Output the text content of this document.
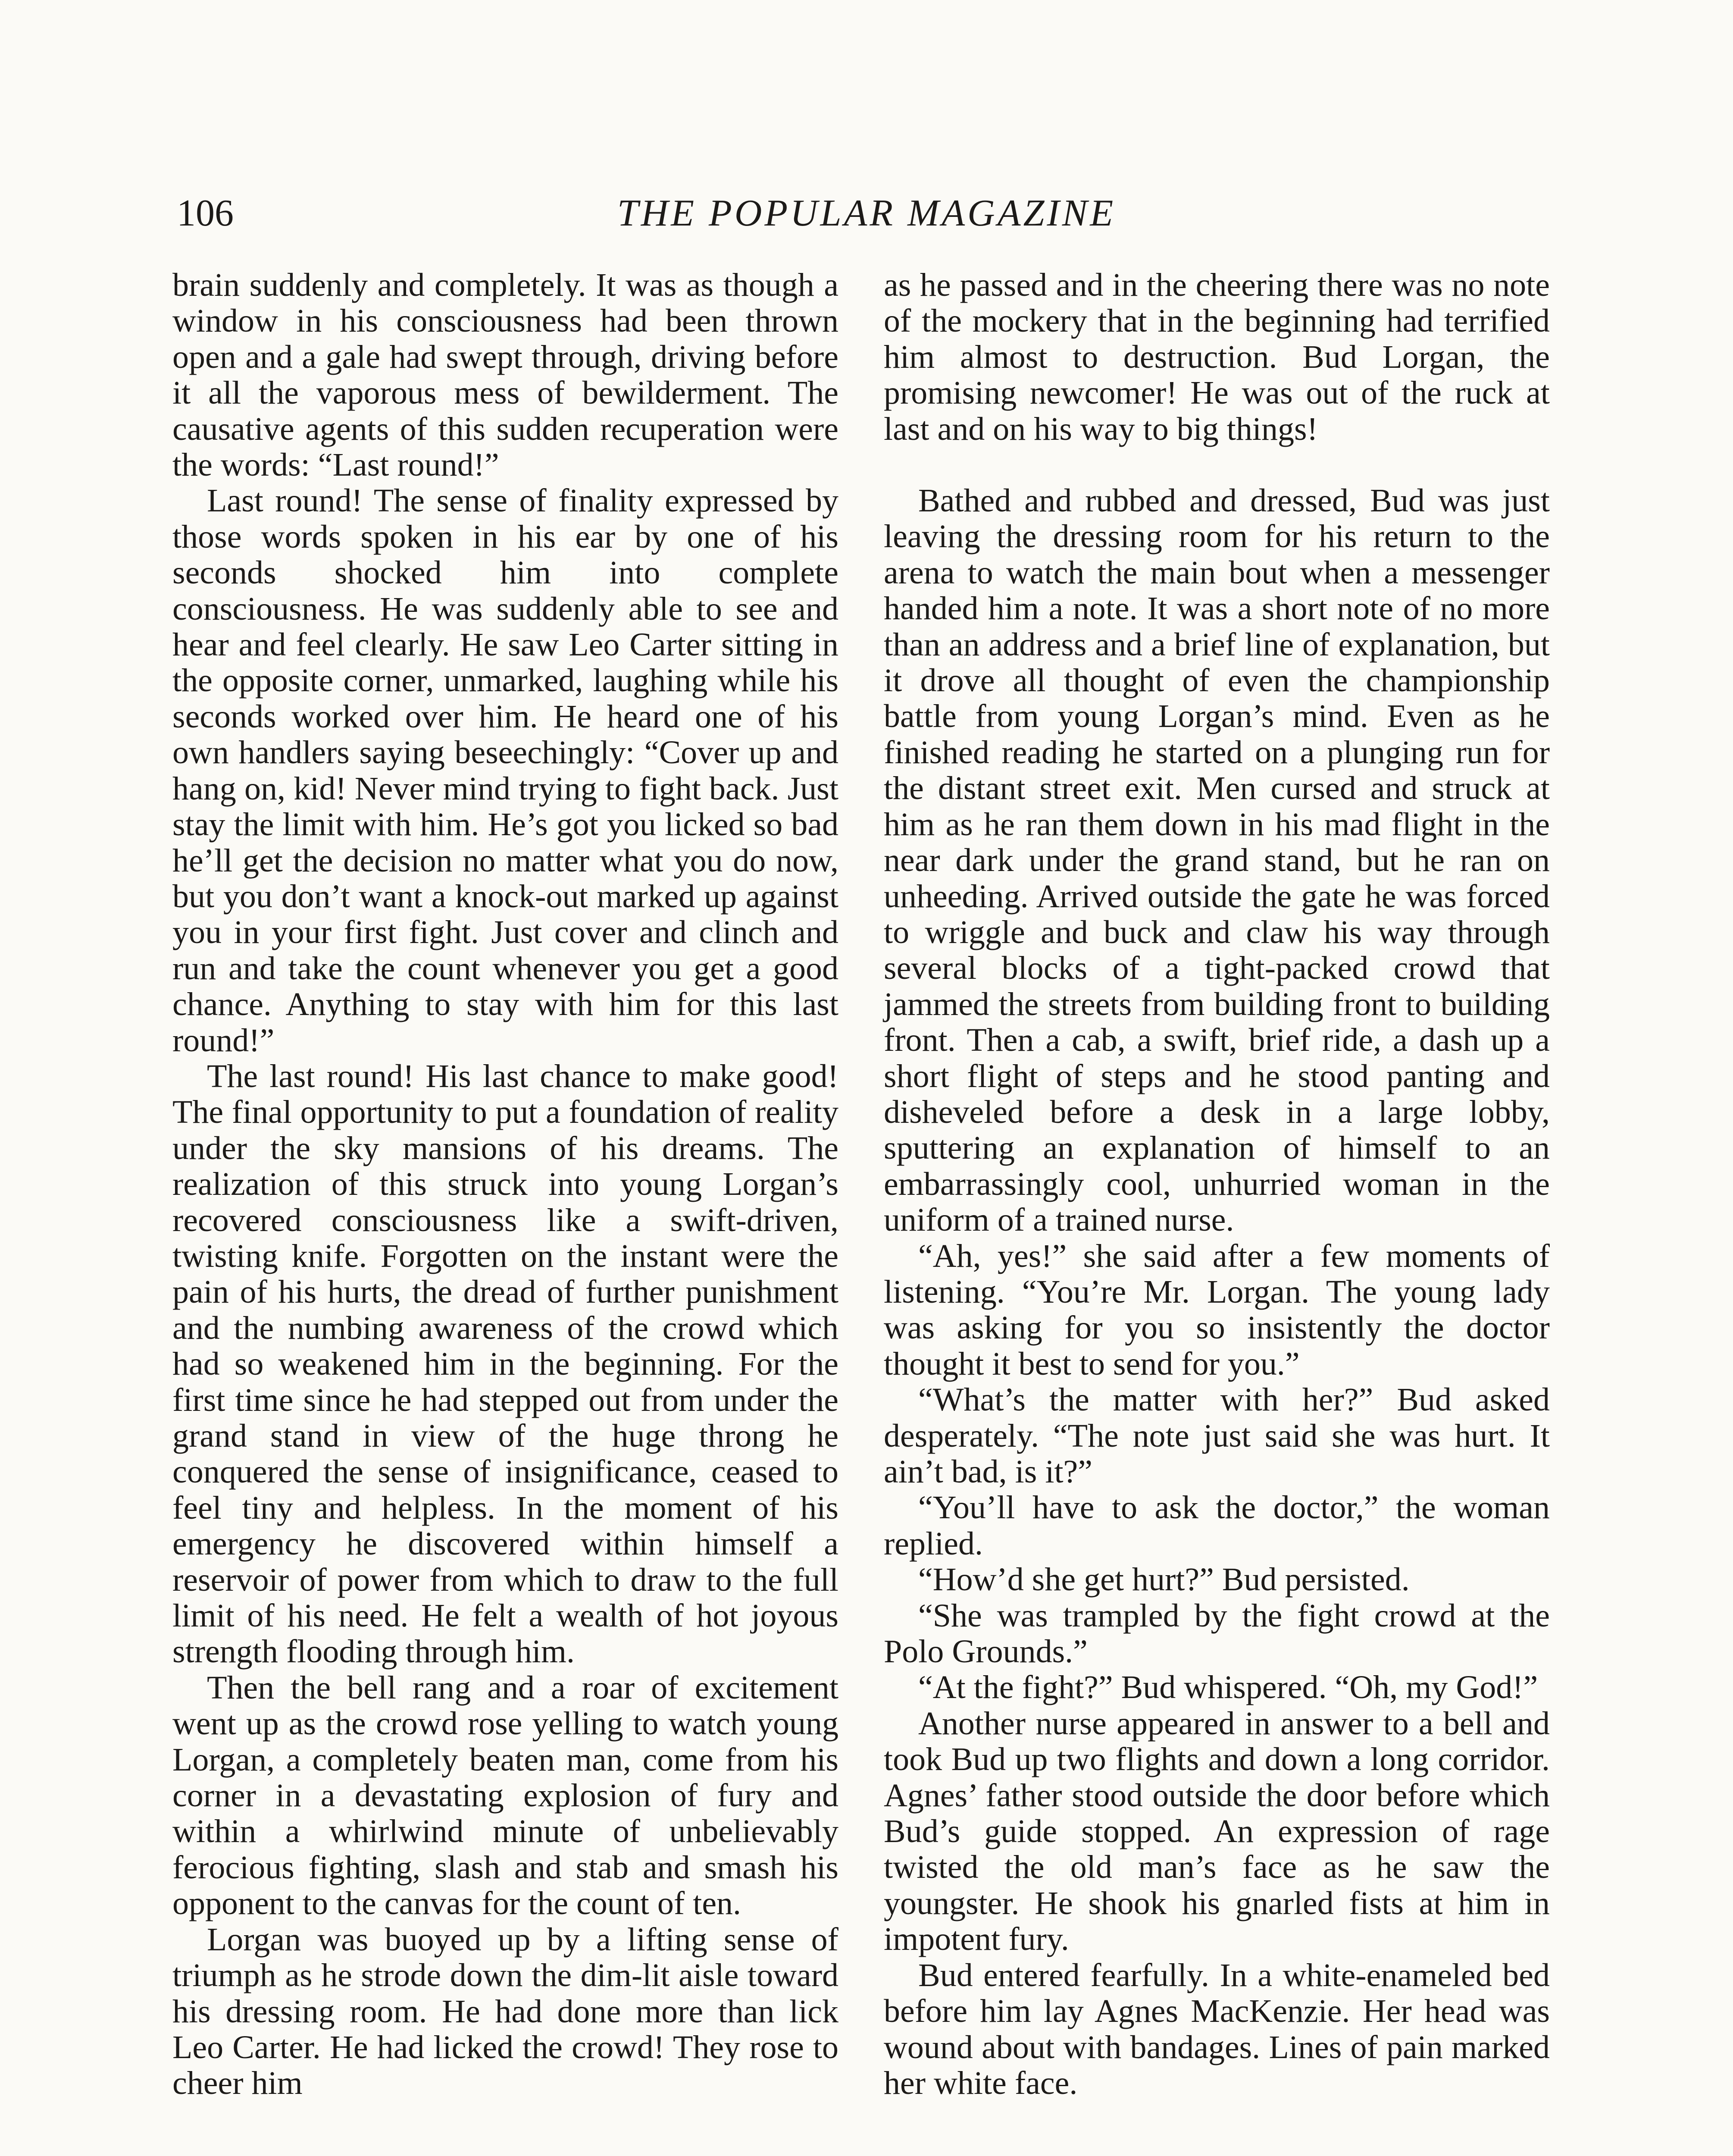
106	THE POPULAR MAGAZINE

brain suddenly and completely. It was as though a window in his consciousness had been thrown open and a gale had swept through, driving before it all the vaporous mess of bewilderment. The causative agents of this sudden recuperation were the words: “Last round!”

Last round! The sense of finality expressed by those words spoken in his ear by one of his seconds shocked him into complete consciousness. He was suddenly able to see and hear and feel clearly. He saw Leo Carter sitting in the opposite corner, unmarked, laughing while his seconds worked over him. He heard one of his own handlers saying beseechingly: “Cover up and hang on, kid! Never mind trying to fight back. Just stay the limit with him. He’s got you licked so bad he’ll get the decision no matter what you do now, but you don’t want a knock-out marked up against you in your first fight. Just cover and clinch and run and take the count whenever you get a good chance. Anything to stay with him for this last round!”

The last round! His last chance to make good! The final opportunity to put a foundation of reality under the sky mansions of his dreams. The realization of this struck into young Lorgan’s recovered consciousness like a swift-driven, twisting knife. Forgotten on the instant were the pain of his hurts, the dread of further punishment and the numbing awareness of the crowd which had so weakened him in the beginning. For the first time since he had stepped out from under the grand stand in view of the huge throng he conquered the sense of insignificance, ceased to feel tiny and helpless. In the moment of his emergency he discovered within himself a reservoir of power from which to draw to the full limit of his need. He felt a wealth of hot joyous strength flooding through him.

Then the bell rang and a roar of excitement went up as the crowd rose yelling to watch young Lorgan, a completely beaten man, come from his corner in a devastating explosion of fury and within a whirlwind minute of unbelievably ferocious fighting, slash and stab and smash his opponent to the canvas for the count of ten.

Lorgan was buoyed up by a lifting sense of triumph as he strode down the dim-lit aisle toward his dressing room. He had done more than lick Leo Carter. He had licked the crowd! They rose to cheer him

as he passed and in the cheering there was no note of the mockery that in the beginning had terrified him almost to destruction. Bud Lorgan, the promising newcomer! He was out of the ruck at last and on his way to big things!

Bathed and rubbed and dressed, Bud was just leaving the dressing room for his return to the arena to watch the main bout when a messenger handed him a note. It was a short note of no more than an address and a brief line of explanation, but it drove all thought of even the championship battle from young Lorgan’s mind. Even as he finished reading he started on a plunging run for the distant street exit. Men cursed and struck at him as he ran them down in his mad flight in the near dark under the grand stand, but he ran on unheeding. Arrived outside the gate he was forced to wriggle and buck and claw his way through several blocks of a tight-packed crowd that jammed the streets from building front to building front. Then a cab, a swift, brief ride, a dash up a short flight of steps and he stood panting and disheveled before a desk in a large lobby, sputtering an explanation of himself to an embarrassingly cool, unhurried woman in the uniform of a trained nurse.

“Ah, yes!” she said after a few moments of listening. “You’re Mr. Lorgan. The young lady was asking for you so insistently the doctor thought it best to send for you.”

“What’s the matter with her?” Bud asked desperately. “The note just said she was hurt. It ain’t bad, is it?”

“You’ll have to ask the doctor,” the woman replied.

“How’d she get hurt?” Bud persisted.

“She was trampled by the fight crowd at the Polo Grounds.”

“At the fight?” Bud whispered. “Oh, my God!”

Another nurse appeared in answer to a bell and took Bud up two flights and down a long corridor. Agnes’ father stood outside the door before which Bud’s guide stopped. An expression of rage twisted the old man’s face as he saw the youngster. He shook his gnarled fists at him in impotent fury.

Bud entered fearfully. In a white-enameled bed before him lay Agnes MacKenzie. Her head was wound about with bandages. Lines of pain marked her white face.
